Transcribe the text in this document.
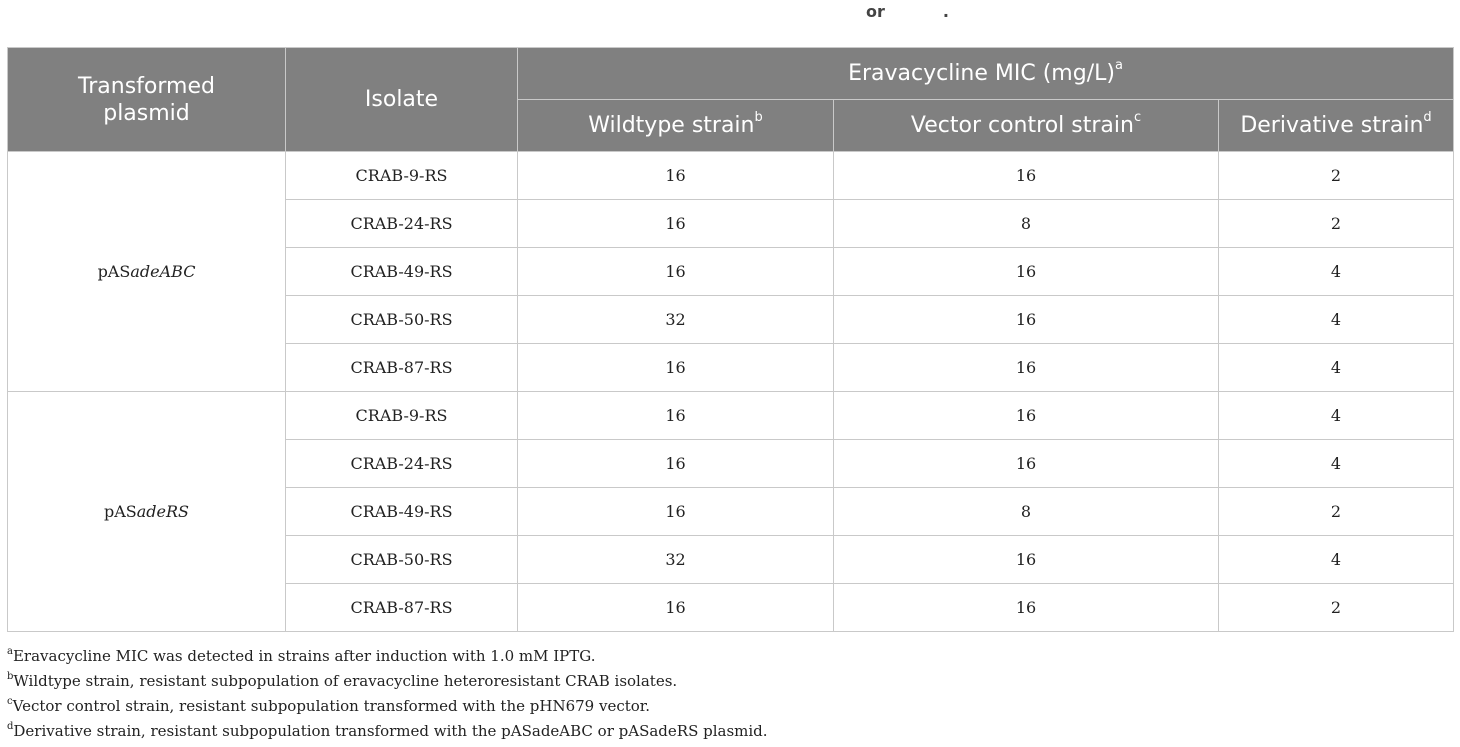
or	.
Transformed plasmid	Isolate	Eravacycline MIC $(mg/L)^a$
		Wildtype strain$^b$	Vector control strain$^c$	Derivative strain$^d$
pASadeABC	CRAB-9-RS	16	16	2
	CRAB-24-RS	16	8	2
	CRAB-49-RS	16	16	4
	CRAB-50-RS	32	16	4
	CRAB-87-RS	16	16	4
pASadeRS	CRAB-9-RS	16	16	4
	CRAB-24-RS	16	16	4
	CRAB-49-RS	16	8	2
	CRAB-50-RS	32	16	4
	CRAB-87-RS	16	16	2

$^a$Eravacycline MIC was detected in strains after induction with 1.0 mM IPTG.

$^b$Wildtype strain, resistant subpopulation of eravacycline heteroresistant CRAB isolates.

$^c$Vector control strain, resistant subpopulation transformed with the pHN679 vector.

$^d$Derivative strain, resistant subpopulation transformed with the pASadeABC or pASadeRS plasmid.
